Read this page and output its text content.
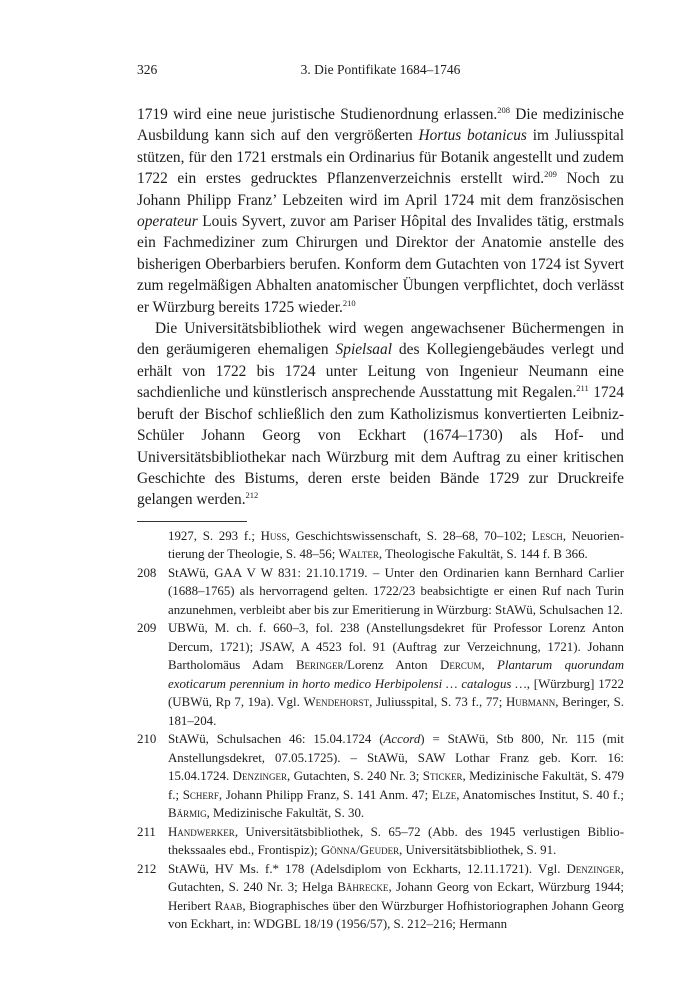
326	3. Die Pontifikate 1684–1746

1719 wird eine neue juristische Studienordnung erlassen.$^{208}$ Die medizinische Ausbildung kann sich auf den vergrößerten Hortus botanicus im Juliusspital stützen, für den 1721 erstmals ein Ordinarius für Botanik angestellt und zudem 1722 ein erstes gedrucktes Pflanzenverzeichnis erstellt wird.$^{209}$ Noch zu Johann Philipp Franz’ Lebzeiten wird im April 1724 mit dem französischen operateur Louis Syvert, zuvor am Pariser Hôpital des Invalides tätig, erstmals ein Fachmediziner zum Chirurgen und Direktor der Anatomie anstelle des bisherigen Oberbarbiers berufen. Konform dem Gutachten von 1724 ist Syvert zum regelmäßigen Abhalten anatomischer Übungen verpflichtet, doch verlässt er Würzburg bereits 1725 wieder.$^{210}$

Die Universitätsbibliothek wird wegen angewachsener Büchermengen in den geräumigeren ehemaligen Spielsaal des Kollegiengebäudes verlegt und erhält von 1722 bis 1724 unter Leitung von Ingenieur Neumann eine sachdienliche und künstlerisch ansprechende Ausstattung mit Regalen.$^{211}$ 1724 beruft der Bischof schließlich den zum Katholizismus konvertierten Leibniz-Schüler Johann Georg von Eckhart (1674–1730) als Hof- und Universitätsbibliothekar nach Würzburg mit dem Auftrag zu einer kritischen Geschichte des Bistums, deren erste beiden Bände 1729 zur Druckreife gelangen werden.$^{212}$

1927, S. 293 f.; Huss, Geschichtswissenschaft, S. 28–68, 70–102; Lesch, Neuorientierung der Theologie, S. 48–56; Walter, Theologische Fakultät, S. 144 f. B 366.
208 StAWü, GAA V W 831: 21.10.1719. – Unter den Ordinarien kann Bernhard Carlier (1688–1765) als hervorragend gelten. 1722/23 beabsichtigte er einen Ruf nach Turin anzunehmen, verbleibt aber bis zur Emeritierung in Würzburg: StAWü, Schulsachen 12.
209 UBWü, M. ch. f. 660–3, fol. 238 (Anstellungsdekret für Professor Lorenz Anton Dercum, 1721); JSAW, A 4523 fol. 91 (Auftrag zur Verzeichnung, 1721). Johann Bartholomäus Adam Beringer/Lorenz Anton Dercum, Plantarum quorundam exoticarum perennium in horto medico Herbipolensi … catalogus …, [Würzburg] 1722 (UBWü, Rp 7, 19a). Vgl. Wendehorst, Juliusspital, S. 73 f., 77; Hubmann, Beringer, S. 181–204.
210 StAWü, Schulsachen 46: 15.04.1724 (Accord) = StAWü, Stb 800, Nr. 115 (mit Anstellungsdekret, 07.05.1725). – StAWü, SAW Lothar Franz geb. Korr. 16: 15.04.1724. Denzinger, Gutachten, S. 240 Nr. 3; Sticker, Medizinische Fakultät, S. 479 f.; Scherf, Johann Philipp Franz, S. 141 Anm. 47; Elze, Anatomisches Institut, S. 40 f.; Bärmig, Medizinische Fakultät, S. 30.
211 Handwerker, Universitätsbibliothek, S. 65–72 (Abb. des 1945 verlustigen Bibliothekssaales ebd., Frontispiz); Gönna/Geuder, Universitätsbibliothek, S. 91.
212 StAWü, HV Ms. f.* 178 (Adelsdiplom von Eckharts, 12.11.1721). Vgl. Denzinger, Gutachten, S. 240 Nr. 3; Helga Bährecke, Johann Georg von Eckart, Würzburg 1944; Heribert Raab, Biographisches über den Würzburger Hofhistoriographen Johann Georg von Eckhart, in: WDGBL 18/19 (1956/57), S. 212–216; Hermann
